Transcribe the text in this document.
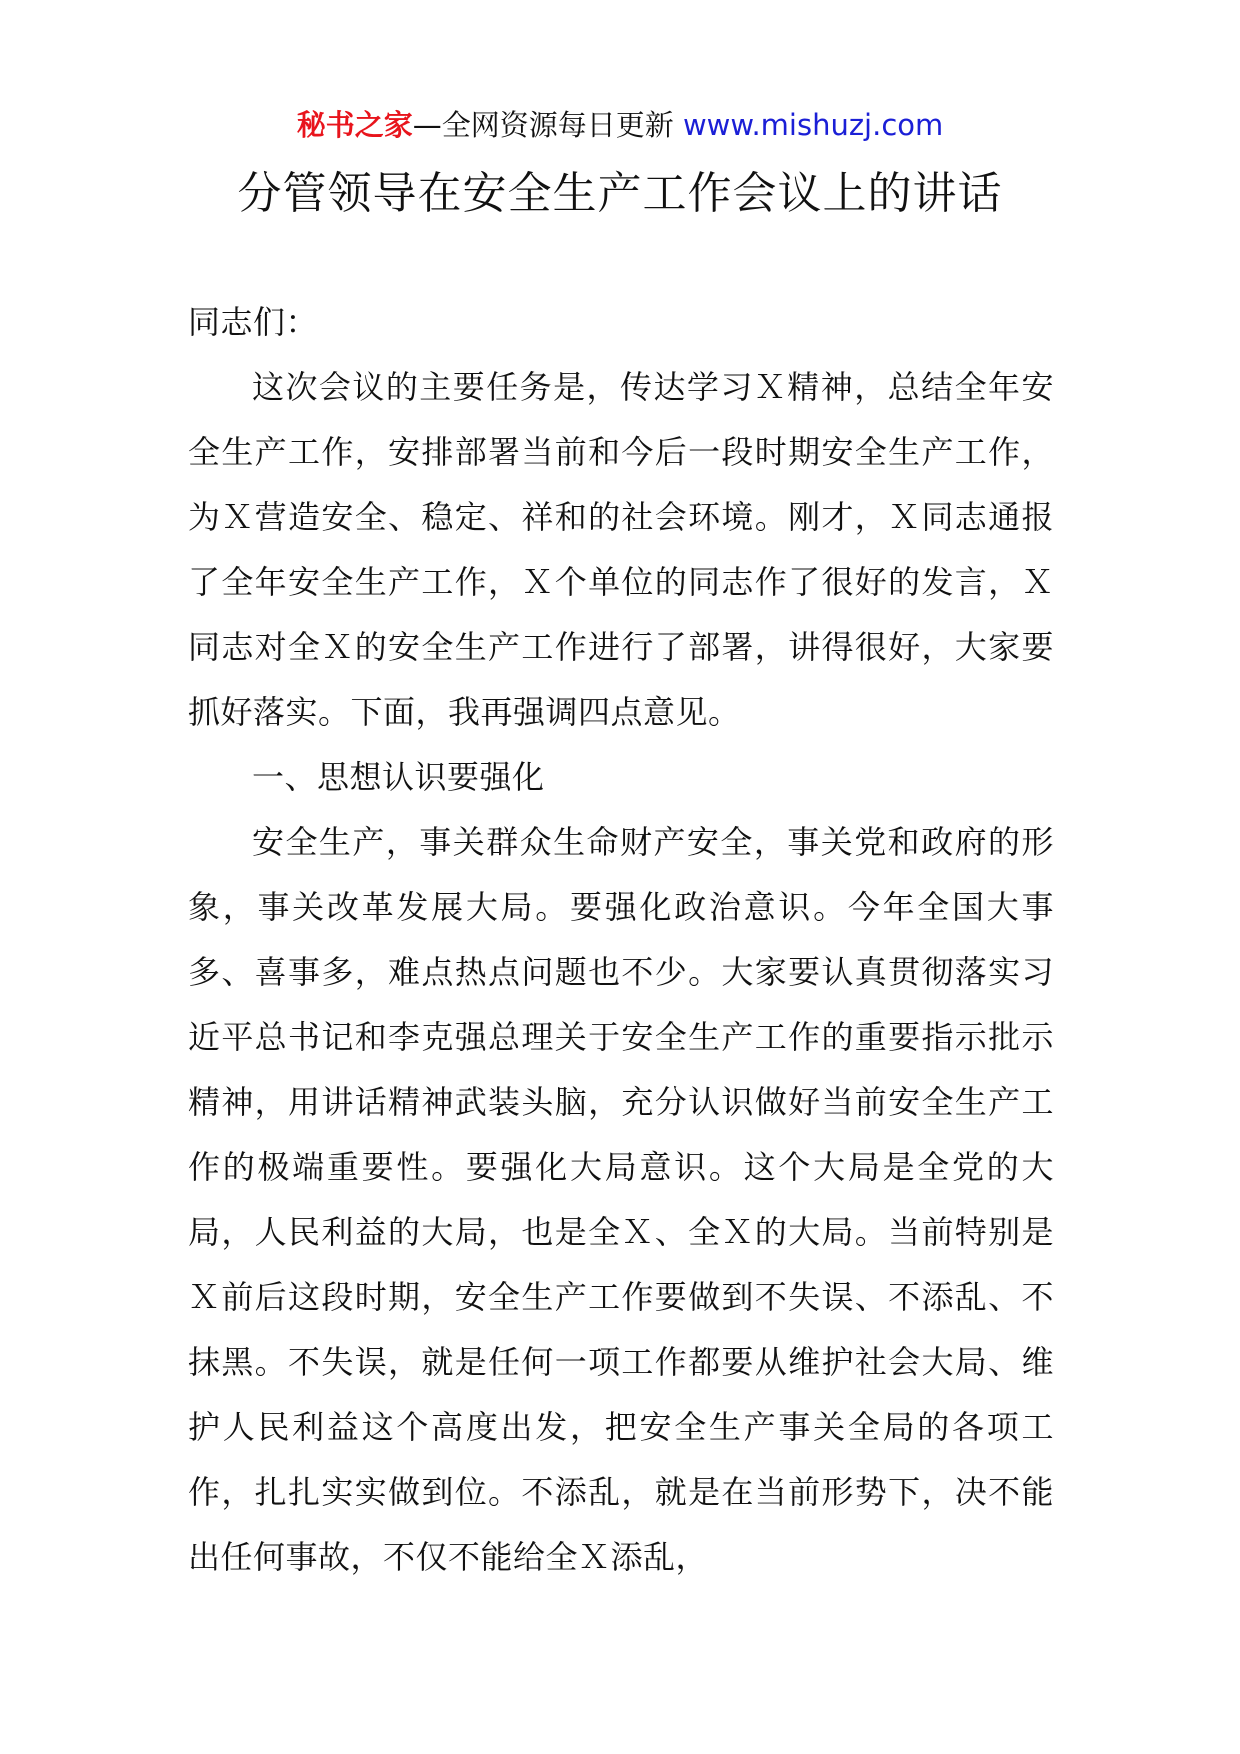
秘书之家—全网资源每日更新 www.mishuzj.com
分管领导在安全生产工作会议上的讲话

同志们：

这次会议的主要任务是，传达学习Ｘ精神，总结全年安全生产工作，安排部署当前和今后一段时期安全生产工作，为Ｘ营造安全、稳定、祥和的社会环境。刚才，Ｘ同志通报了全年安全生产工作，Ｘ个单位的同志作了很好的发言，Ｘ同志对全Ｘ的安全生产工作进行了部署，讲得很好，大家要抓好落实。下面，我再强调四点意见。

一、思想认识要强化

安全生产，事关群众生命财产安全，事关党和政府的形象，事关改革发展大局。要强化政治意识。今年全国大事多、喜事多，难点热点问题也不少。大家要认真贯彻落实习近平总书记和李克强总理关于安全生产工作的重要指示批示精神，用讲话精神武装头脑，充分认识做好当前安全生产工作的极端重要性。要强化大局意识。这个大局是全党的大局，人民利益的大局，也是全Ｘ、全Ｘ的大局。当前特别是Ｘ前后这段时期，安全生产工作要做到不失误、不添乱、不抹黑。不失误，就是任何一项工作都要从维护社会大局、维护人民利益这个高度出发，把安全生产事关全局的各项工作，扎扎实实做到位。不添乱，就是在当前形势下，决不能出任何事故，不仅不能给全Ｘ添乱，
